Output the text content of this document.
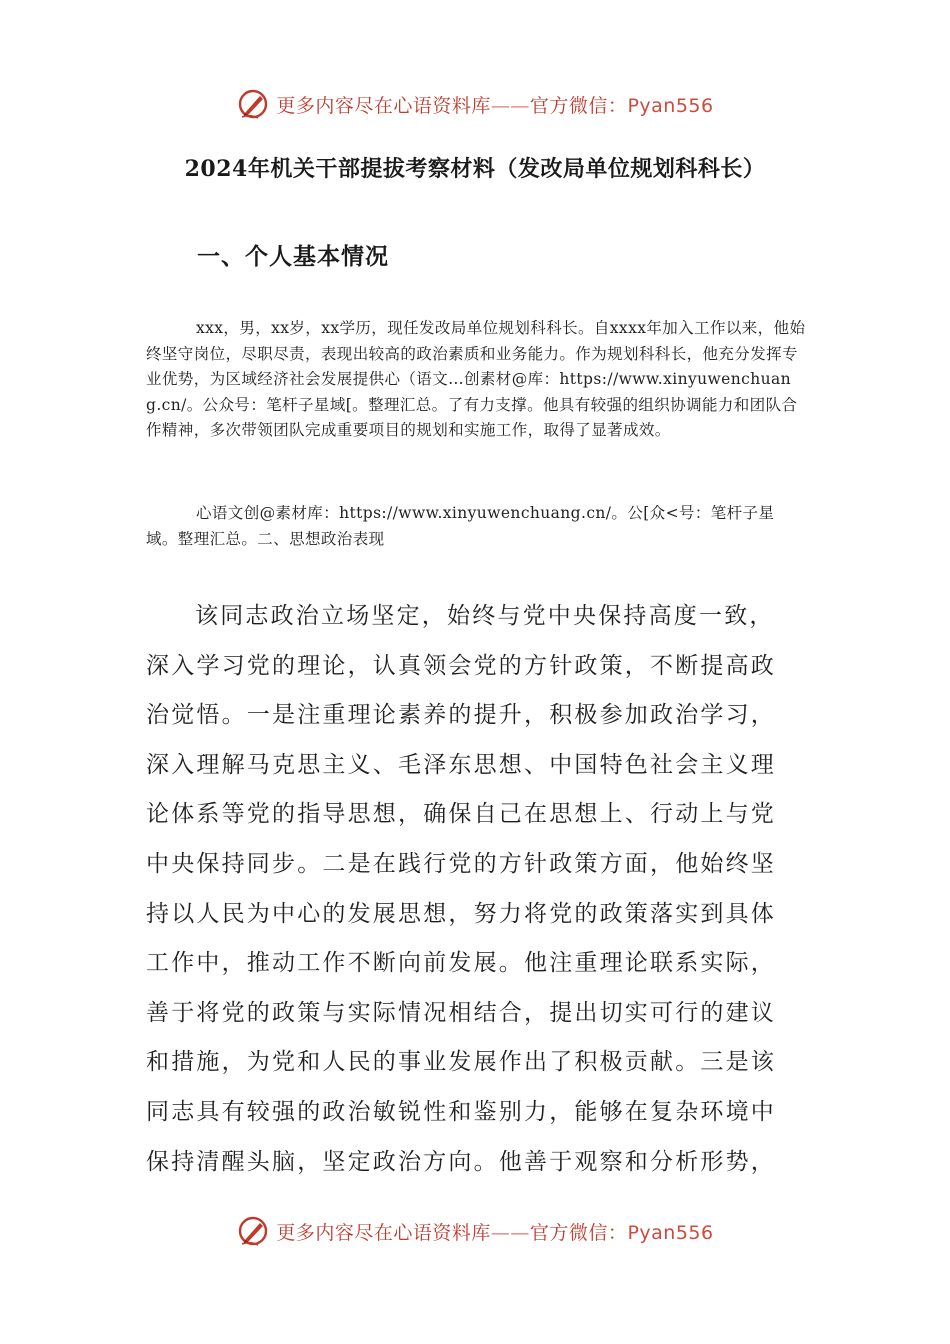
更多内容尽在心语资料库——官方微信：Pyan556
2024年机关干部提拔考察材料（发改局单位规划科科长）
一、个人基本情况
xxx，男，xx岁，xx学历，现任发改局单位规划科科长。自xxxx年加入工作以来，他始终坚守岗位，尽职尽责，表现出较高的政治素质和业务能力。作为规划科科长，他充分发挥专业优势，为区域经济社会发展提供心（语文…创素材@库：https://www.xinyuwenchuang.cn/。公众号：笔杆子星域[。整理汇总。了有力支撑。他具有较强的组织协调能力和团队合作精神，多次带领团队完成重要项目的规划和实施工作，取得了显著成效。
心语文创@素材库：https://www.xinyuwenchuang.cn/。公[众<号：笔杆子星域。整理汇总。二、思想政治表现
该同志政治立场坚定，始终与党中央保持高度一致，深入学习党的理论，认真领会党的方针政策，不断提高政治觉悟。一是注重理论素养的提升，积极参加政治学习，深入理解马克思主义、毛泽东思想、中国特色社会主义理论体系等党的指导思想，确保自己在思想上、行动上与党中央保持同步。二是在践行党的方针政策方面，他始终坚持以人民为中心的发展思想，努力将党的政策落实到具体工作中，推动工作不断向前发展。他注重理论联系实际，善于将党的政策与实际情况相结合，提出切实可行的建议和措施，为党和人民的事业发展作出了积极贡献。三是该同志具有较强的政治敏锐性和鉴别力，能够在复杂环境中保持清醒头脑，坚定政治方向。他善于观察和分析形势，
更多内容尽在心语资料库——官方微信：Pyan556
